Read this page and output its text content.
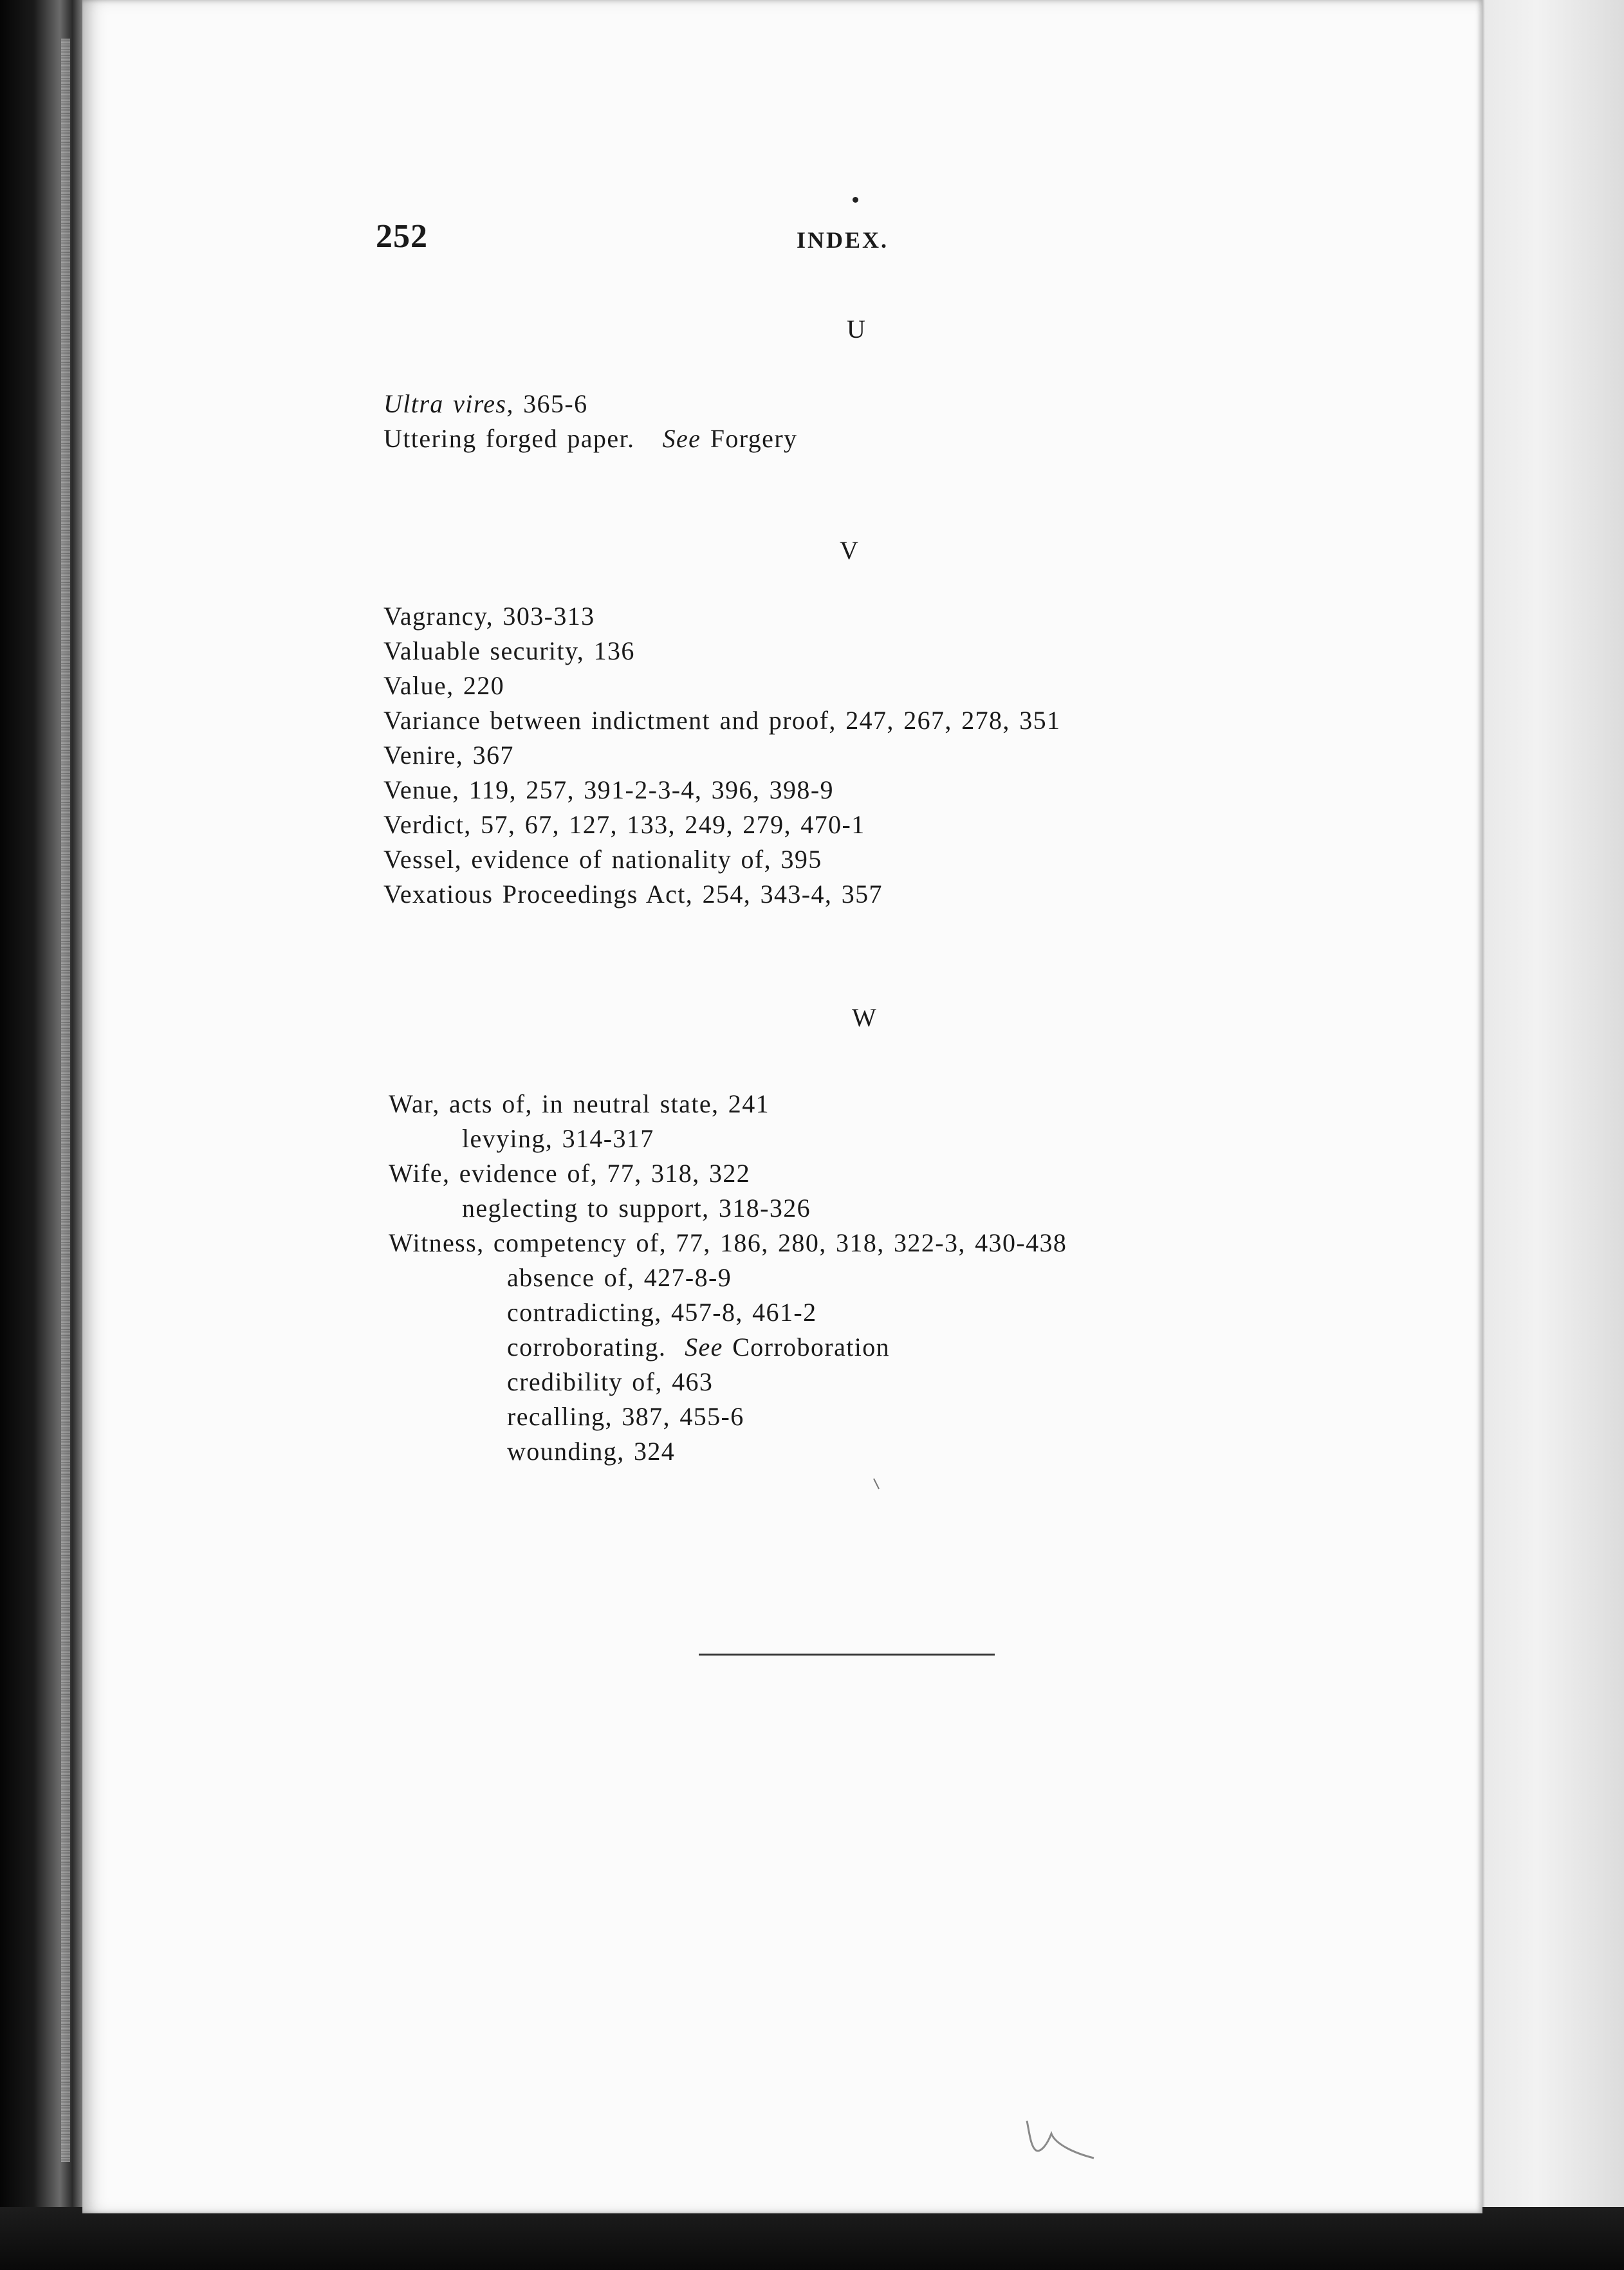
252	INDEX.
U
Ultra vires, 365-6
Uttering forged paper. See Forgery
V
Vagrancy, 303-313
Valuable security, 136
Value, 220
Variance between indictment and proof, 247, 267, 278, 351
Venire, 367
Venue, 119, 257, 391-2-3-4, 396, 398-9
Verdict, 57, 67, 127, 133, 249, 279, 470-1
Vessel, evidence of nationality of, 395
Vexatious Proceedings Act, 254, 343-4, 357
W
War, acts of, in neutral state, 241
levying, 314-317
Wife, evidence of, 77, 318, 322
neglecting to support, 318-326
Witness, competency of, 77, 186, 280, 318, 322-3, 430-438
absence of, 427-8-9
contradicting, 457-8, 461-2
corroborating. See Corroboration
credibility of, 463
recalling, 387, 455-6
wounding, 324
